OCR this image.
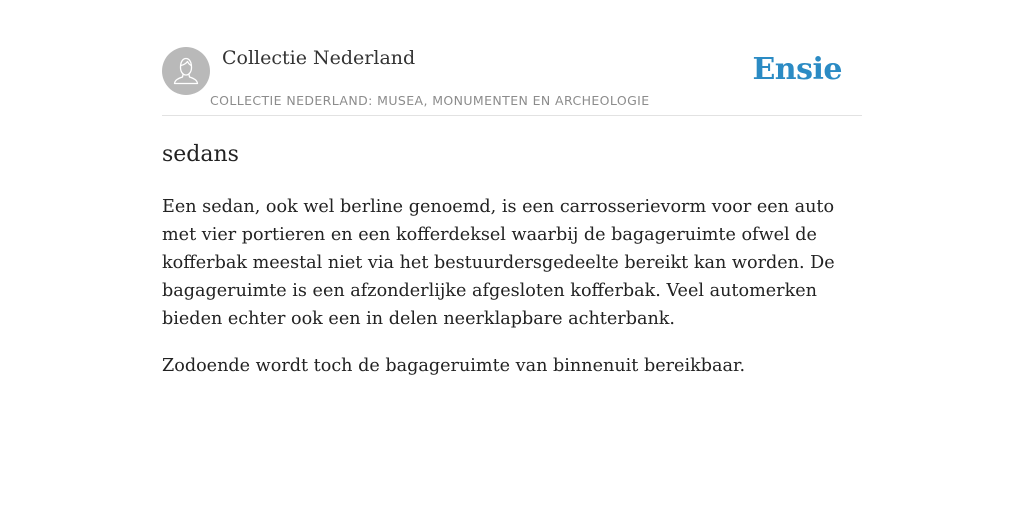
Collectie Nederland
COLLECTIE NEDERLAND: MUSEA, MONUMENTEN EN ARCHEOLOGIE
Ensie
sedans

Een sedan, ook wel berline genoemd, is een carrosserievorm voor een auto met vier portieren en een kofferdeksel waarbij de bagageruimte ofwel de kofferbak meestal niet via het bestuurdersgedeelte bereikt kan worden. De bagageruimte is een afzonderlijke afgesloten kofferbak. Veel automerken bieden echter ook een in delen neerklapbare achterbank.

Zodoende wordt toch de bagageruimte van binnenuit bereikbaar.
